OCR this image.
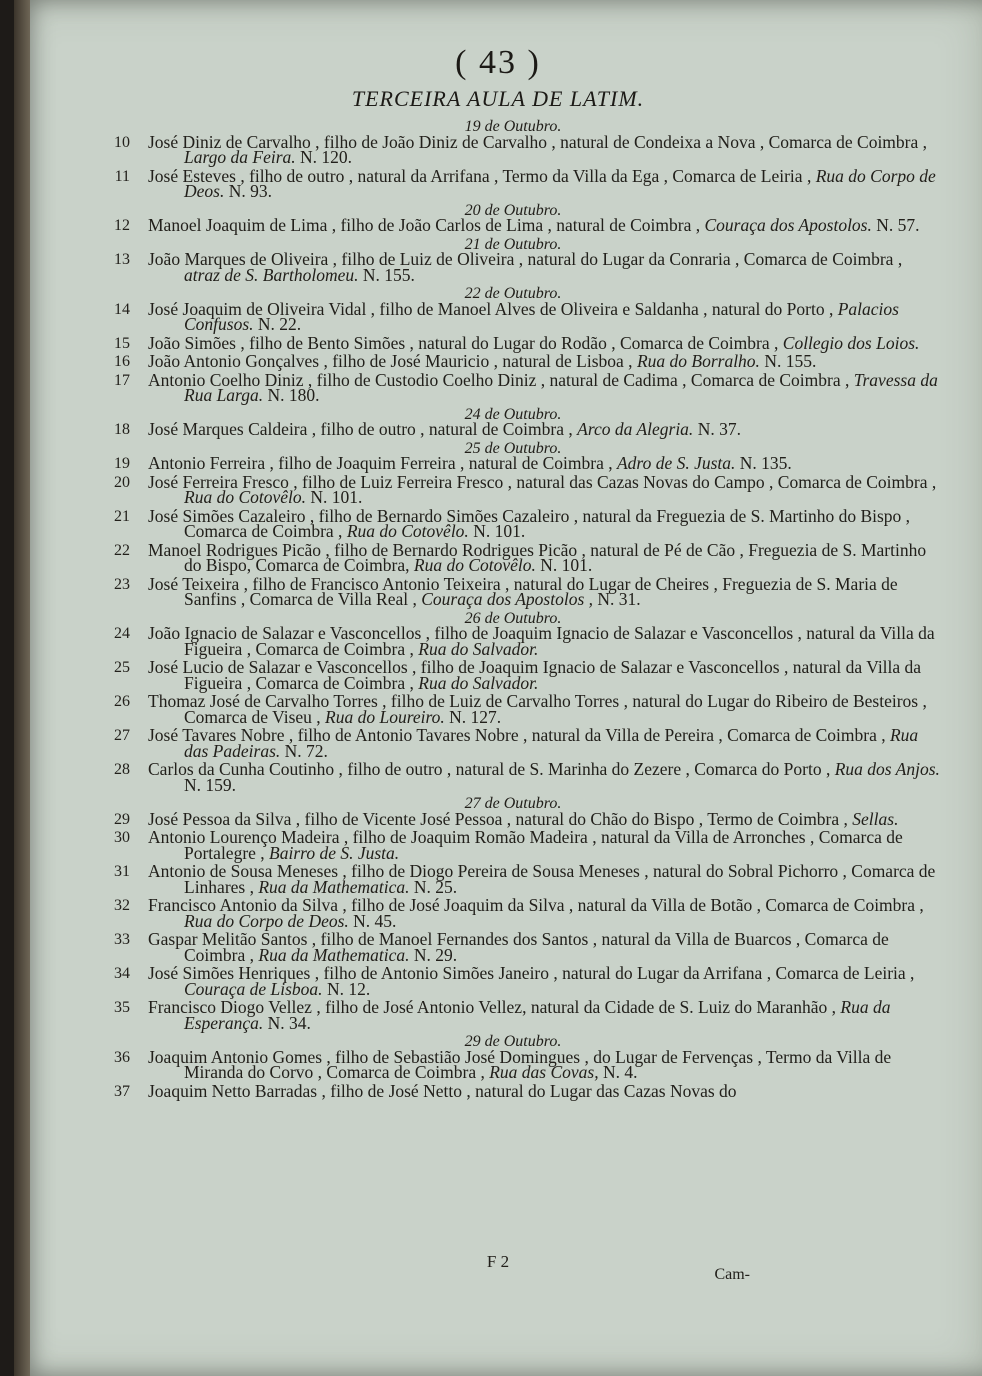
( 43 )
TERCEIRA AULA DE LATIM.
19 de Outubro.
10 José Diniz de Carvalho , filho de João Diniz de Carvalho , natural de Condeixa a Nova , Comarca de Coimbra , Largo da Feira. N. 120.
11 José Esteves , filho de outro , natural da Arrifana , Termo da Villa da Ega , Comarca de Leiria , Rua do Corpo de Deos. N. 93.
20 de Outubro.
12 Manoel Joaquim de Lima , filho de João Carlos de Lima , natural de Coimbra , Couraça dos Apostolos. N. 57.
21 de Outubro.
13 João Marques de Oliveira , filho de Luiz de Oliveira , natural do Lugar da Conraria , Comarca de Coimbra , atraz de S. Bartholomeu. N. 155.
22 de Outubro.
14 José Joaquim de Oliveira Vidal , filho de Manoel Alves de Oliveira e Saldanha , natural do Porto , Palacios Confusos. N. 22.
15 João Simões , filho de Bento Simões , natural do Lugar do Rodão , Comarca de Coimbra , Collegio dos Loios.
16 João Antonio Gonçalves , filho de José Mauricio , natural de Lisboa , Rua do Borralho. N. 155.
17 Antonio Coelho Diniz , filho de Custodio Coelho Diniz , natural de Cadima , Comarca de Coimbra , Travessa da Rua Larga. N. 180.
24 de Outubro.
18 José Marques Caldeira , filho de outro , natural de Coimbra , Arco da Alegria. N. 37.
25 de Outubro.
19 Antonio Ferreira , filho de Joaquim Ferreira , natural de Coimbra , Adro de S. Justa. N. 135.
20 José Ferreira Fresco , filho de Luiz Ferreira Fresco , natural das Cazas Novas do Campo , Comarca de Coimbra , Rua do Cotovêlo. N. 101.
21 José Simões Cazaleiro , filho de Bernardo Simões Cazaleiro , natural da Freguezia de S. Martinho do Bispo , Comarca de Coimbra , Rua do Cotovêlo. N. 101.
22 Manoel Rodrigues Picão , filho de Bernardo Rodrigues Picão , natural de Pé de Cão , Freguezia de S. Martinho do Bispo, Comarca de Coimbra, Rua do Cotovêlo. N. 101.
23 José Teixeira , filho de Francisco Antonio Teixeira , natural do Lugar de Cheires , Freguezia de S. Maria de Sanfins , Comarca de Villa Real , Couraça dos Apostolos , N. 31.
26 de Outubro.
24 João Ignacio de Salazar e Vasconcellos , filho de Joaquim Ignacio de Salazar e Vasconcellos , natural da Villa da Figueira , Comarca de Coimbra , Rua do Salvador.
25 José Lucio de Salazar e Vasconcellos , filho de Joaquim Ignacio de Salazar e Vasconcellos , natural da Villa da Figueira , Comarca de Coimbra , Rua do Salvador.
26 Thomaz José de Carvalho Torres , filho de Luiz de Carvalho Torres , natural do Lugar do Ribeiro de Besteiros , Comarca de Viseu , Rua do Loureiro. N. 127.
27 José Tavares Nobre , filho de Antonio Tavares Nobre , natural da Villa de Pereira , Comarca de Coimbra , Rua das Padeiras. N. 72.
28 Carlos da Cunha Coutinho , filho de outro , natural de S. Marinha do Zezere , Comarca do Porto , Rua dos Anjos. N. 159.
27 de Outubro.
29 José Pessoa da Silva , filho de Vicente José Pessoa , natural do Chão do Bispo , Termo de Coimbra , Sellas.
30 Antonio Lourenço Madeira , filho de Joaquim Romão Madeira , natural da Villa de Arronches , Comarca de Portalegre , Bairro de S. Justa.
31 Antonio de Sousa Meneses , filho de Diogo Pereira de Sousa Meneses , natural do Sobral Pichorro , Comarca de Linhares , Rua da Mathematica. N. 25.
32 Francisco Antonio da Silva , filho de José Joaquim da Silva , natural da Villa de Botão , Comarca de Coimbra , Rua do Corpo de Deos. N. 45.
33 Gaspar Melitão Santos , filho de Manoel Fernandes dos Santos , natural da Villa de Buarcos , Comarca de Coimbra , Rua da Mathematica. N. 29.
34 José Simões Henriques , filho de Antonio Simões Janeiro , natural do Lugar da Arrifana , Comarca de Leiria , Couraça de Lisboa. N. 12.
35 Francisco Diogo Vellez , filho de José Antonio Vellez, natural da Cidade de S. Luiz do Maranhão , Rua da Esperança. N. 34.
29 de Outubro.
36 Joaquim Antonio Gomes , filho de Sebastião José Domingues , do Lugar de Fervenças , Termo da Villa de Miranda do Corvo , Comarca de Coimbra , Rua das Covas, N. 4.
37 Joaquim Netto Barradas , filho de José Netto , natural do Lugar das Cazas Novas do
F 2
Cam-
